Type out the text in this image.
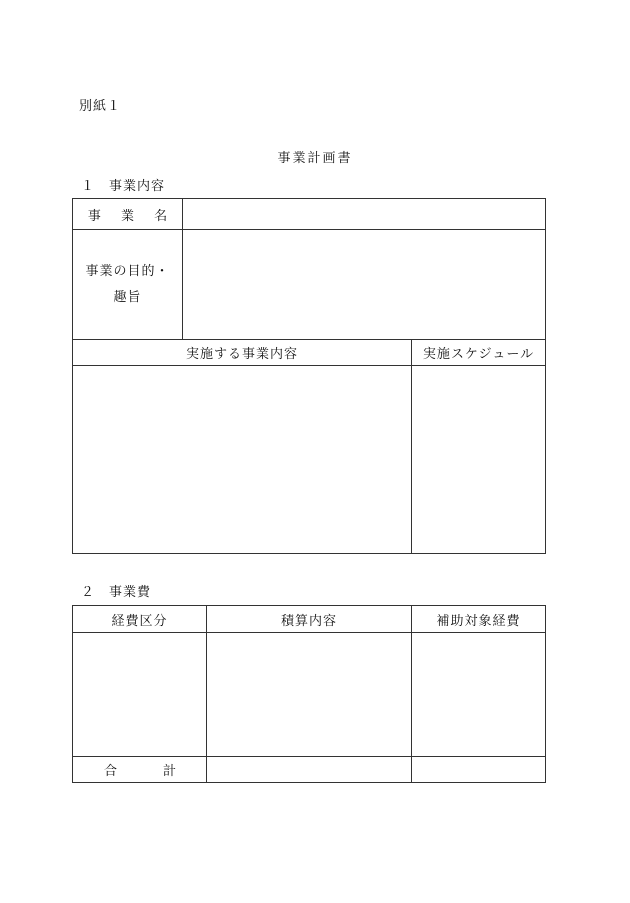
別紙１
事業計画書
１ 事業内容
事 業 名	

事業の目的・
趣旨	

実施する事業内容	実施スケジュール

２ 事業費
経費区分	積算内容	補助対象経費

合 計		
